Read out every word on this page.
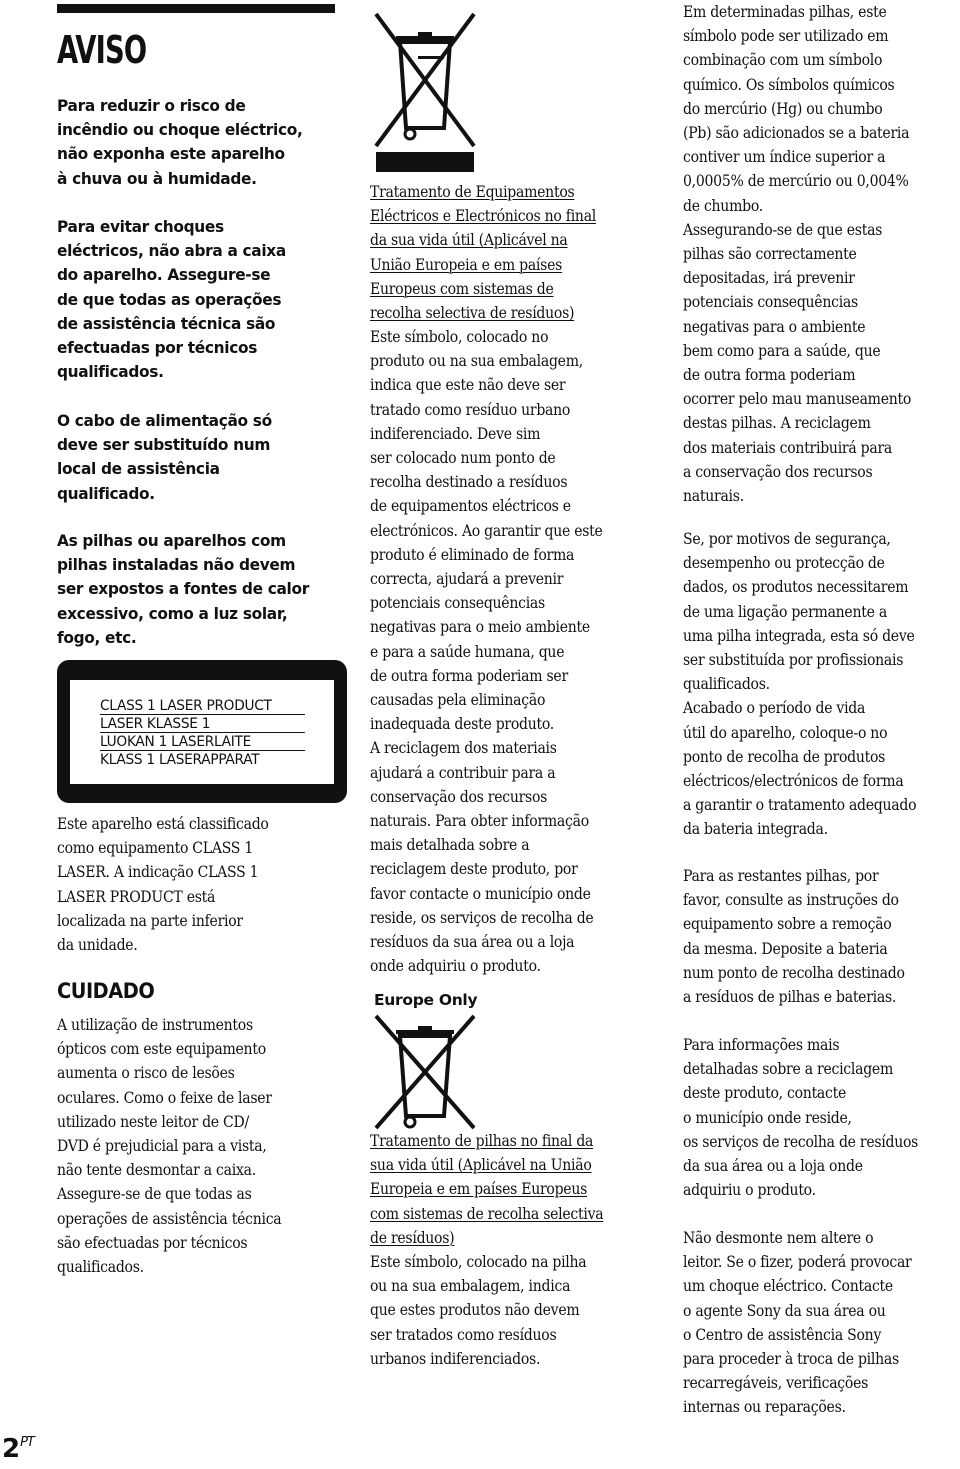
AVISO
Para reduzir o risco de
incêndio ou choque eléctrico,
não exponha este aparelho
à chuva ou à humidade.
Para evitar choques
eléctricos, não abra a caixa
do aparelho. Assegure-se
de que todas as operações
de assistência técnica são
efectuadas por técnicos
qualificados.
O cabo de alimentação só
deve ser substituído num
local de assistência
qualificado.
As pilhas ou aparelhos com
pilhas instaladas não devem
ser expostos a fontes de calor
excessivo, como a luz solar,
fogo, etc.
CLASS 1 LASER PRODUCT
LASER KLASSE 1
LUOKAN 1 LASERLAITE
KLASS 1 LASERAPPARAT
Este aparelho está classificado
como equipamento CLASS 1
LASER. A indicação CLASS 1
LASER PRODUCT está
localizada na parte inferior
da unidade.
CUIDADO
A utilização de instrumentos
ópticos com este equipamento
aumenta o risco de lesões
oculares. Como o feixe de laser
utilizado neste leitor de CD/
DVD é prejudicial para a vista,
não tente desmontar a caixa.
Assegure-se de que todas as
operações de assistência técnica
são efectuadas por técnicos
qualificados.
$2^{PT}$
Tratamento de Equipamentos
Eléctricos e Electrónicos no final
da sua vida útil (Aplicável na
União Europeia e em países
Europeus com sistemas de
recolha selectiva de resíduos)
Este símbolo, colocado no
produto ou na sua embalagem,
indica que este não deve ser
tratado como resíduo urbano
indiferenciado. Deve sim
ser colocado num ponto de
recolha destinado a resíduos
de equipamentos eléctricos e
electrónicos. Ao garantir que este
produto é eliminado de forma
correcta, ajudará a prevenir
potenciais consequências
negativas para o meio ambiente
e para a saúde humana, que
de outra forma poderiam ser
causadas pela eliminação
inadequada deste produto.
A reciclagem dos materiais
ajudará a contribuir para a
conservação dos recursos
naturais. Para obter informação
mais detalhada sobre a
reciclagem deste produto, por
favor contacte o município onde
reside, os serviços de recolha de
resíduos da sua área ou a loja
onde adquiriu o produto.
Europe Only
Tratamento de pilhas no final da
sua vida útil (Aplicável na União
Europeia e em países Europeus
com sistemas de recolha selectiva
de resíduos)
Este símbolo, colocado na pilha
ou na sua embalagem, indica
que estes produtos não devem
ser tratados como resíduos
urbanos indiferenciados.
Em determinadas pilhas, este
símbolo pode ser utilizado em
combinação com um símbolo
químico. Os símbolos químicos
do mercúrio (Hg) ou chumbo
(Pb) são adicionados se a bateria
contiver um índice superior a
0,0005% de mercúrio ou 0,004%
de chumbo.
Assegurando-se de que estas
pilhas são correctamente
depositadas, irá prevenir
potenciais consequências
negativas para o ambiente
bem como para a saúde, que
de outra forma poderiam
ocorrer pelo mau manuseamento
destas pilhas. A reciclagem
dos materiais contribuirá para
a conservação dos recursos
naturais.
Se, por motivos de segurança,
desempenho ou protecção de
dados, os produtos necessitarem
de uma ligação permanente a
uma pilha integrada, esta só deve
ser substituída por profissionais
qualificados.
Acabado o período de vida
útil do aparelho, coloque-o no
ponto de recolha de produtos
eléctricos/electrónicos de forma
a garantir o tratamento adequado
da bateria integrada.
Para as restantes pilhas, por
favor, consulte as instruções do
equipamento sobre a remoção
da mesma. Deposite a bateria
num ponto de recolha destinado
a resíduos de pilhas e baterias.
Para informações mais
detalhadas sobre a reciclagem
deste produto, contacte
o município onde reside,
os serviços de recolha de resíduos
da sua área ou a loja onde
adquiriu o produto.
Não desmonte nem altere o
leitor. Se o fizer, poderá provocar
um choque eléctrico. Contacte
o agente Sony da sua área ou
o Centro de assistência Sony
para proceder à troca de pilhas
recarregáveis, verificações
internas ou reparações.
